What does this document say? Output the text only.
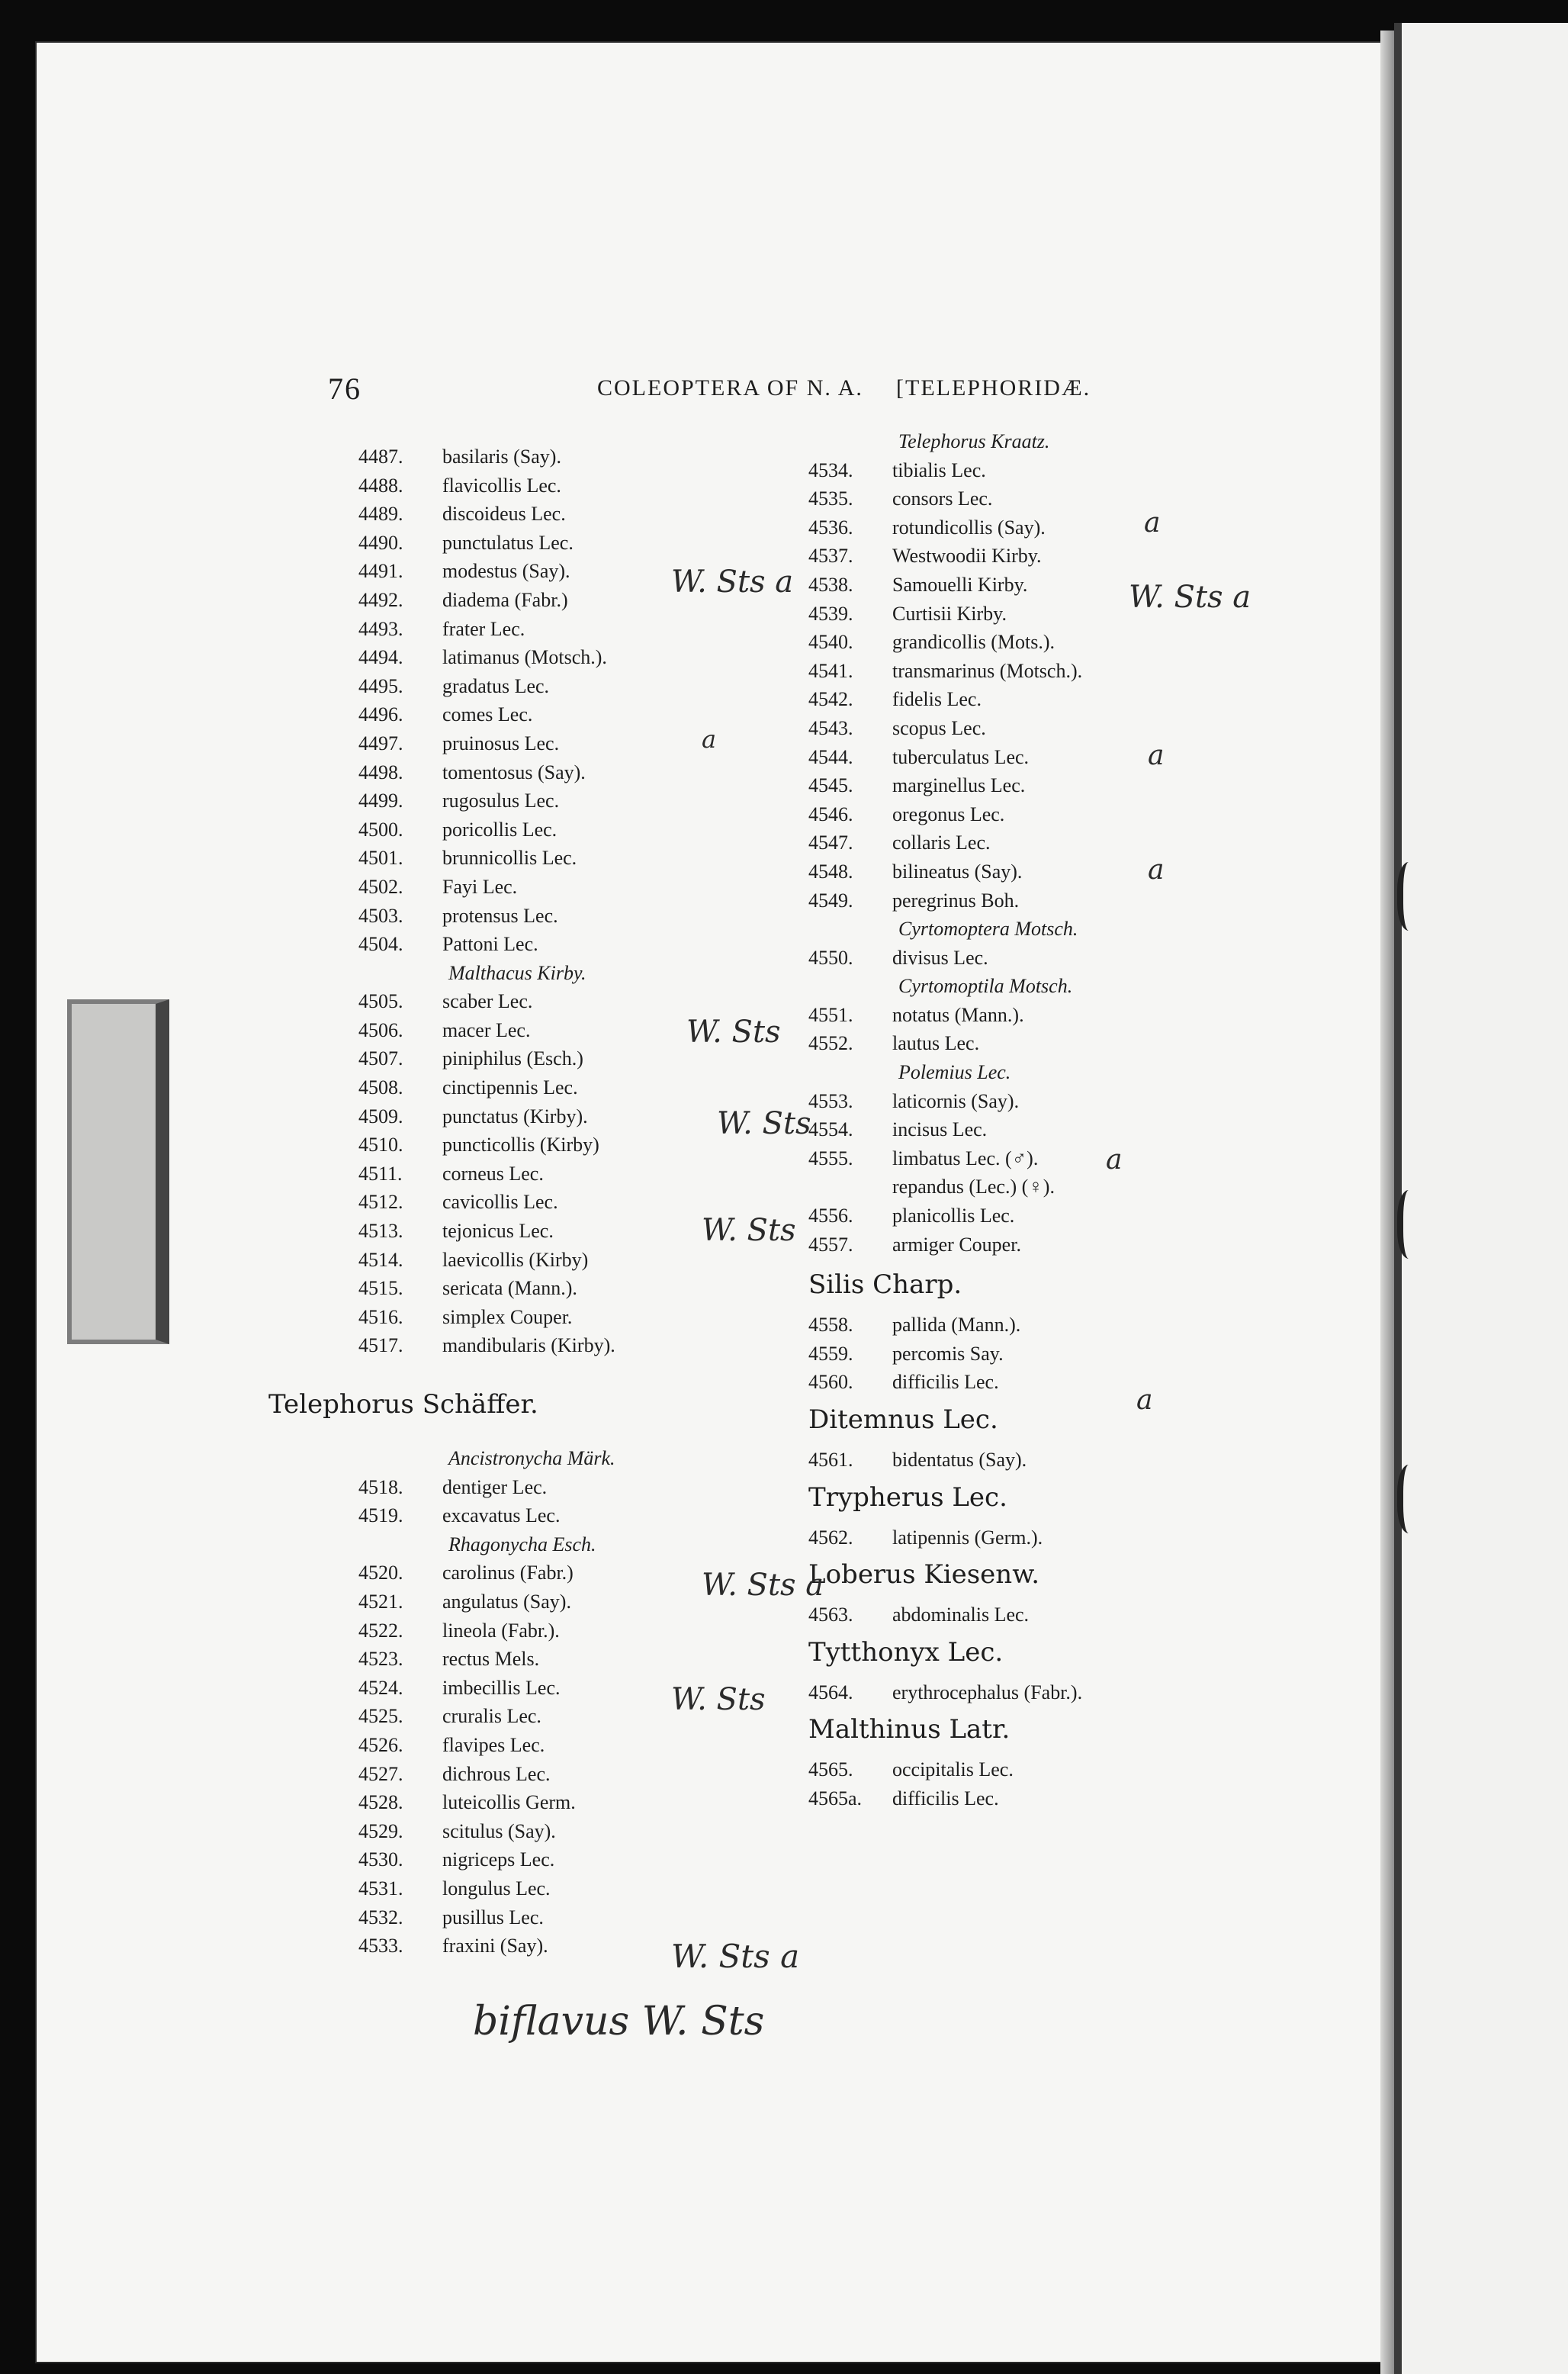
76	COLEOPTERA OF N. A. [TELEPHORIDÆ.
4487.	basilaris (Say).
4488.	flavicollis Lec.
4489.	discoideus Lec.
4490.	punctulatus Lec.
4491.	modestus (Say).
4492.	diadema (Fabr.)
4493.	frater Lec.
4494.	latimanus (Motsch.).
4495.	gradatus Lec.
4496.	comes Lec.
4497.	pruinosus Lec.
4498.	tomentosus (Say).
4499.	rugosulus Lec.
4500.	poricollis Lec.
4501.	brunnicollis Lec.
4502.	Fayi Lec.
4503.	protensus Lec.
4504.	Pattoni Lec.
Malthacus Kirby.
4505.	scaber Lec.
4506.	macer Lec.
4507.	piniphilus (Esch.)
4508.	cinctipennis Lec.
4509.	punctatus (Kirby).
4510.	puncticollis (Kirby)
4511.	corneus Lec.
4512.	cavicollis Lec.
4513.	tejonicus Lec.
4514.	laevicollis (Kirby)
4515.	sericata (Mann.).
4516.	simplex Couper.
4517.	mandibularis (Kirby).
Telephorus Schäffer.
Ancistronycha Märk.
4518.	dentiger Lec.
4519.	excavatus Lec.
Rhagonycha Esch.
4520.	carolinus (Fabr.)
4521.	angulatus (Say).
4522.	lineola (Fabr.).
4523.	rectus Mels.
4524.	imbecillis Lec.
4525.	cruralis Lec.
4526.	flavipes Lec.
4527.	dichrous Lec.
4528.	luteicollis Germ.
4529.	scitulus (Say).
4530.	nigriceps Lec.
4531.	longulus Lec.
4532.	pusillus Lec.
4533.	fraxini (Say).
Telephorus Kraatz.
4534.	tibialis Lec.
4535.	consors Lec.
4536.	rotundicollis (Say).
4537.	Westwoodii Kirby.
4538.	Samouelli Kirby.
4539.	Curtisii Kirby.
4540.	grandicollis (Mots.).
4541.	transmarinus (Motsch.).
4542.	fidelis Lec.
4543.	scopus Lec.
4544.	tuberculatus Lec.
4545.	marginellus Lec.
4546.	oregonus Lec.
4547.	collaris Lec.
4548.	bilineatus (Say).
4549.	peregrinus Boh.
Cyrtomoptera Motsch.
4550.	divisus Lec.
Cyrtomoptila Motsch.
4551.	notatus (Mann.).
4552.	lautus Lec.
Polemius Lec.
4553.	laticornis (Say).
4554.	incisus Lec.
4555.	limbatus Lec. (♂).
repandus (Lec.) (♀).
4556.	planicollis Lec.
4557.	armiger Couper.
Silis Charp.
4558.	pallida (Mann.).
4559.	percomis Say.
4560.	difficilis Lec.
Ditemnus Lec.
4561.	bidentatus (Say).
Trypherus Lec.
4562.	latipennis (Germ.).
Loberus Kiesenw.
4563.	abdominalis Lec.
Tytthonyx Lec.
4564.	erythrocephalus (Fabr.).
Malthinus Latr.
4565.	occipitalis Lec.
4565a.	difficilis Lec.
W. Sts a	W. Sts a
a
a
W. Sts
W. Sts
W. Sts
W. Sts a
W. Sts
W. Sts a
biflavus W. Sts
a
a
a
a
